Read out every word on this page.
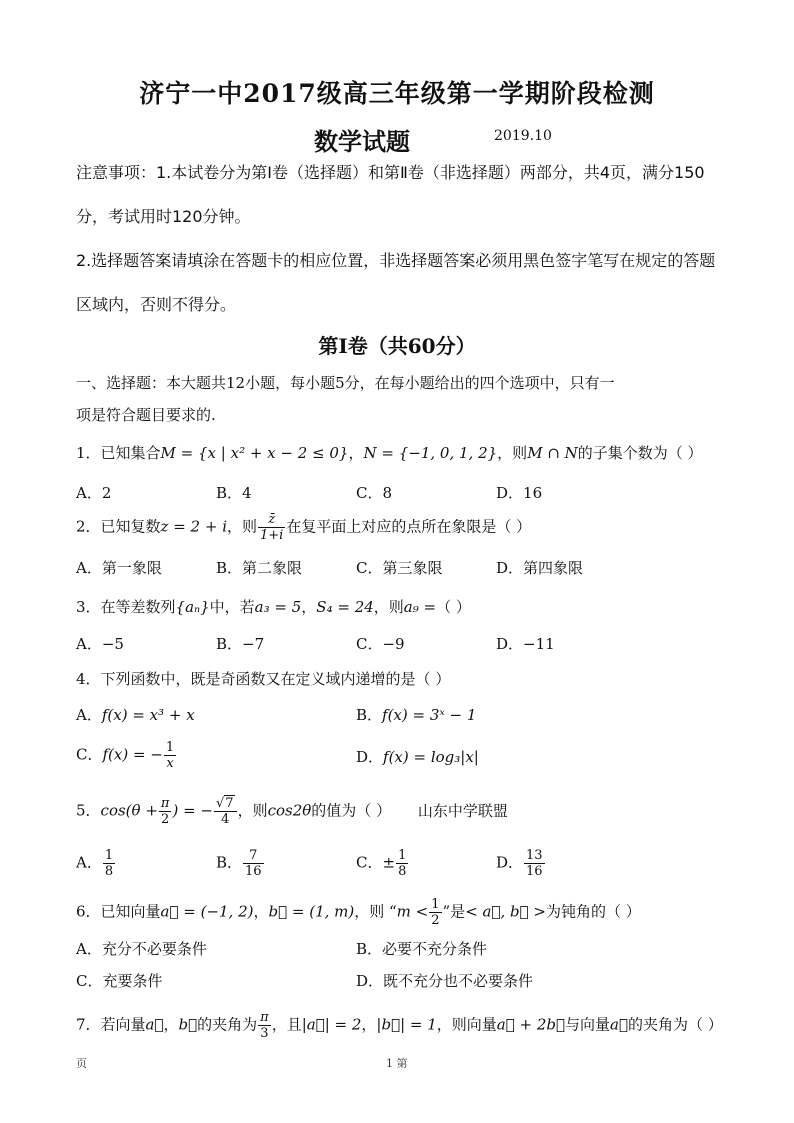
济宁一中2017级高三年级第一学期阶段检测
数学试题	2019.10
注意事项：1.本试卷分为第Ⅰ卷（选择题）和第Ⅱ卷（非选择题）两部分，共4页，满分150
分，考试用时120分钟。
2.选择题答案请填涂在答题卡的相应位置，非选择题答案必须用黑色签字笔写在规定的答题
区域内，否则不得分。
第Ⅰ卷（共60分）
一、选择题：本大题共12小题，每小题5分，在每小题给出的四个选项中，只有一
项是符合题目要求的.
1．已知集合M = {x | x² + x − 2 ≤ 0}，N = {−1, 0, 1, 2}，则M ∩ N的子集个数为（ ）
A．2	B．4	C．8	D．16
2．已知复数z = 2 + i，则 $\frac{z̄}{1+i}$ 在复平面上对应的点所在象限是（ ）
A．第一象限	B．第二象限	C．第三象限	D．第四象限
3．在等差数列{aₙ}中，若a₃ = 5，S₄ = 24，则a₉ =（ ）
A．−5	B．−7	C．−9	D．−11
4．下列函数中，既是奇函数又在定义域内递增的是（ ）
A．f(x) = x³ + x	B．f(x) = 3ˣ − 1
C．f(x) = − $\frac{1}{x}$	D．f(x) = log₃|x|
5．$\cos(\theta + \frac{\pi}{2}$ ) = − $\frac{√7}{4}$ ，则cos2θ的值为（ ） 山东中学联盟
A． $\frac{1}{8}$	B． $\frac{7}{16}$	C．± $\frac{1}{8}$	D． $\frac{13}{16}$
6．已知向量a⃗ = (−1, 2)，b⃗ = (1, m)，则 “$m < \frac{1}{2}$ ”是< a⃗, b⃗ >为钝角的（ ）
A．充分不必要条件	B．必要不充分条件
C．充要条件	D．既不充分也不必要条件
7．若向量a⃗，b⃗的夹角为 $\frac{\pi}{3}$ ，且|a⃗| = 2，|b⃗| = 1，则向量a⃗ + 2b⃗与向量a⃗的夹角为（ ）
页	1 第
